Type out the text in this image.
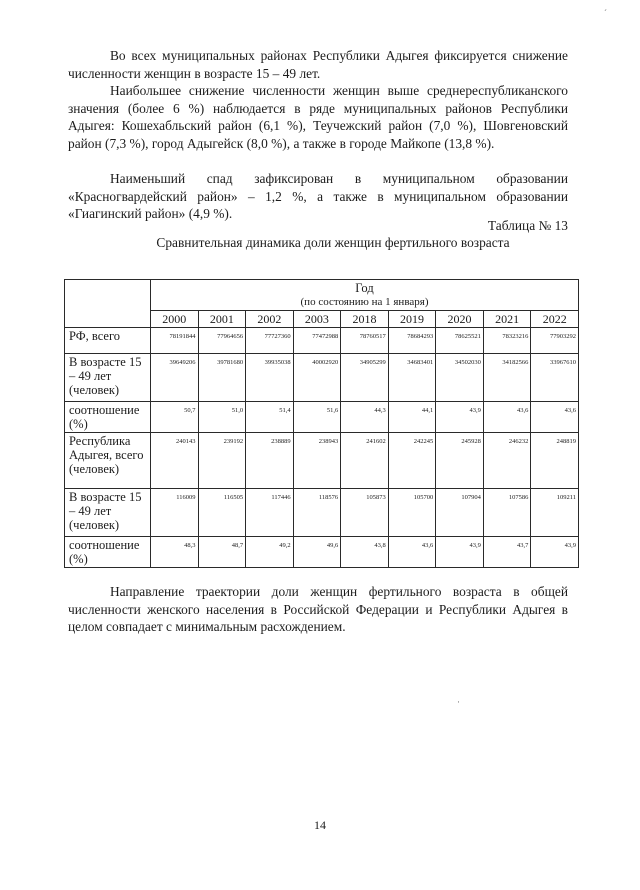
Во всех муниципальных районах Республики Адыгея фиксируется снижение численности женщин в возрасте 15 – 49 лет.

Наибольшее снижение численности женщин выше среднереспубликанского значения (более 6 %) наблюдается в ряде муниципальных районов Республики Адыгея: Кошехабльский район (6,1 %), Теучежский район (7,0 %), Шовгеновский район (7,3 %), город Адыгейск (8,0 %), а также в городе Майкопе (13,8 %).

Наименьший спад зафиксирован в муниципальном образовании «Красногвардейский район» – 1,2 %, а также в муниципальном образовании «Гиагинский район» (4,9 %).

Таблица № 13
Сравнительная динамика доли женщин фертильного возраста

	Год
(по состоянию на 1 января)								

	2000	2001	2002	2003	2018	2019	2020	2021	2022
РФ, всего	78191844	77964656	77727360	77472988	78760517	78684293	78625521	78323216	77903292
В возрасте 15 – 49 лет (человек)	39649206	39781680	39935038	40002920	34905299	34683401	34502030	34182566	33967610
соотношение (%)	50,7	51,0	51,4	51,6	44,3	44,1	43,9	43,6	43,6
Республика Адыгея, всего (человек)	240143	239192	238889	238943	241602	242245	245928	246232	248819
В возрасте 15 – 49 лет (человек)	116009	116505	117446	118576	105873	105700	107904	107586	109211
соотношение (%)	48,3	48,7	49,2	49,6	43,8	43,6	43,9	43,7	43,9

Направление траектории доли женщин фертильного возраста в общей численности женского населения в Российской Федерации и Республики Адыгея в целом совпадает с минимальным расхождением.

14
´
·
